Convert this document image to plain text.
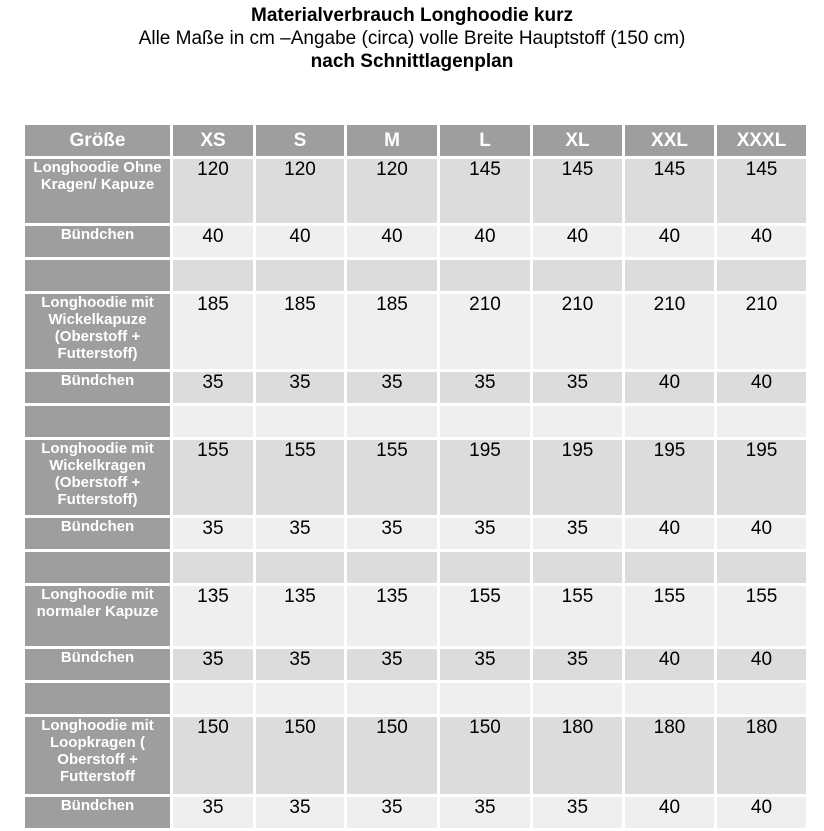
Materialverbrauch Longhoodie kurz
Alle Maße in cm –Angabe (circa) volle Breite Hauptstoff (150 cm)
nach Schnittlagenplan
Größe	XS	S	M	L	XL	XXL	XXXL
Longhoodie Ohne Kragen/ Kapuze	120	120	120	145	145	145	145
Bündchen	40	40	40	40	40	40	40

Longhoodie mit Wickelkapuze (Oberstoff + Futterstoff)	185	185	185	210	210	210	210
Bündchen	35	35	35	35	35	40	40

Longhoodie mit Wickelkragen (Oberstoff + Futterstoff)	155	155	155	195	195	195	195
Bündchen	35	35	35	35	35	40	40

Longhoodie mit normaler Kapuze	135	135	135	155	155	155	155
Bündchen	35	35	35	35	35	40	40

Longhoodie mit Loopkragen ( Oberstoff + Futterstoff	150	150	150	150	180	180	180
Bündchen	35	35	35	35	35	40	40
